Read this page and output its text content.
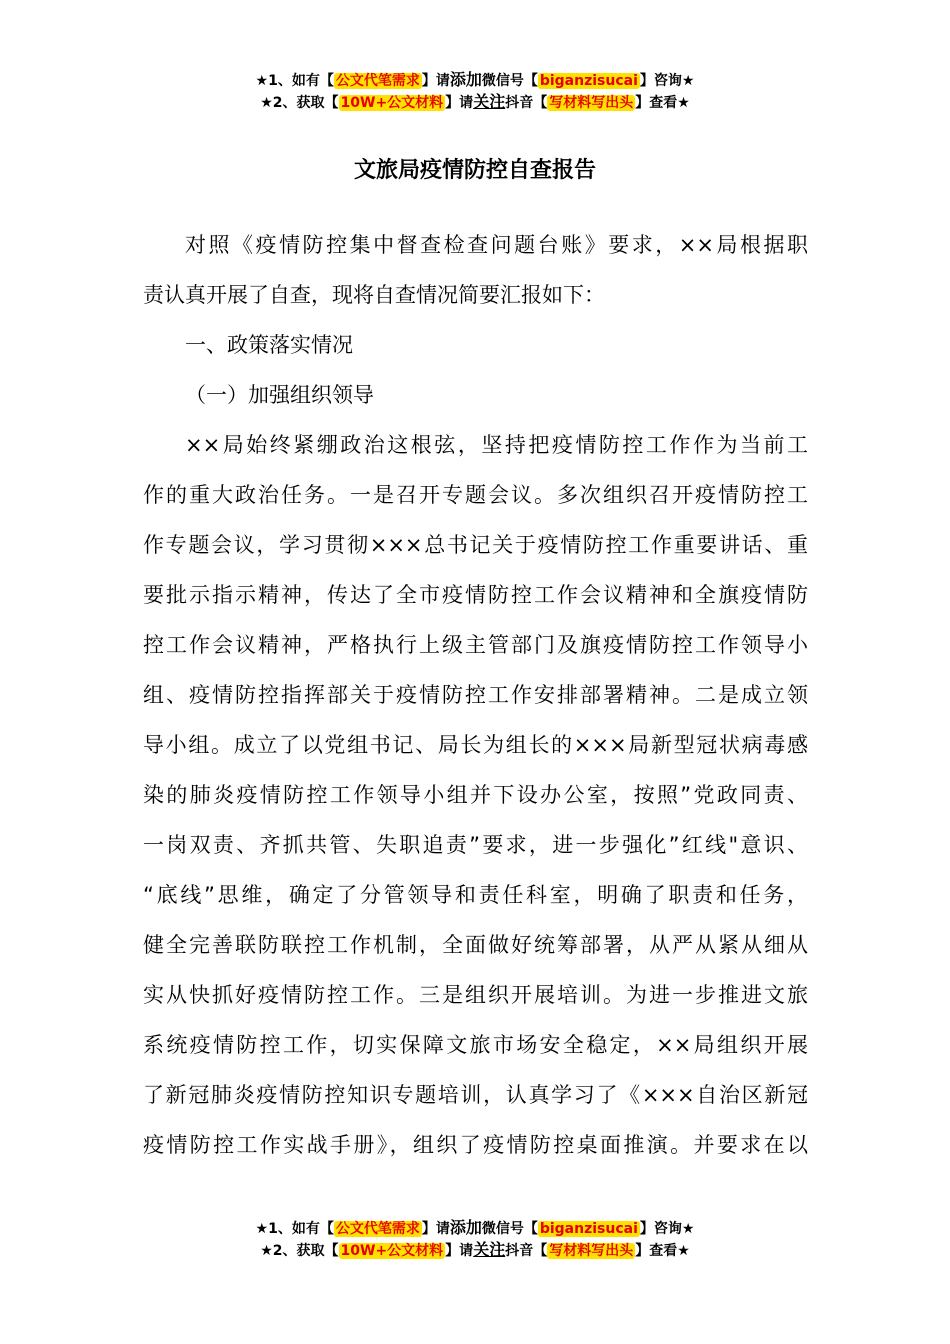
★1、如有【 公文代笔需求 】请添加微信号【 biganzisucai 】咨询★
★2、获取【 10W+公文材料 】请关注抖音【 写材料写出头 】查看★
文旅局疫情防控自查报告

对照《疫情防控集中督查检查问题台账》要求，××局根据职
责认真开展了自查，现将自查情况简要汇报如下：

一、政策落实情况

（一）加强组织领导

××局始终紧绷政治这根弦，坚持把疫情防控工作作为当前工
作的重大政治任务。一是召开专题会议。多次组织召开疫情防控工
作专题会议，学习贯彻×××总书记关于疫情防控工作重要讲话、重
要批示指示精神，传达了全市疫情防控工作会议精神和全旗疫情防
控工作会议精神，严格执行上级主管部门及旗疫情防控工作领导小
组、疫情防控指挥部关于疫情防控工作安排部署精神。二是成立领
导小组。成立了以党组书记、局长为组长的×××局新型冠状病毒感
染的肺炎疫情防控工作领导小组并下设办公室，按照”党政同责、
一岗双责、齐抓共管、失职追责”要求，进一步强化”红线"意识、
“底线”思维，确定了分管领导和责任科室，明确了职责和任务，
健全完善联防联控工作机制，全面做好统筹部署，从严从紧从细从
实从快抓好疫情防控工作。三是组织开展培训。为进一步推进文旅
系统疫情防控工作，切实保障文旅市场安全稳定，××局组织开展
了新冠肺炎疫情防控知识专题培训，认真学习了《×××自治区新冠
疫情防控工作实战手册》，组织了疫情防控桌面推演。并要求在以

★1、如有【 公文代笔需求 】请添加微信号【 biganzisucai 】咨询★
★2、获取【 10W+公文材料 】请关注抖音【 写材料写出头 】查看★
